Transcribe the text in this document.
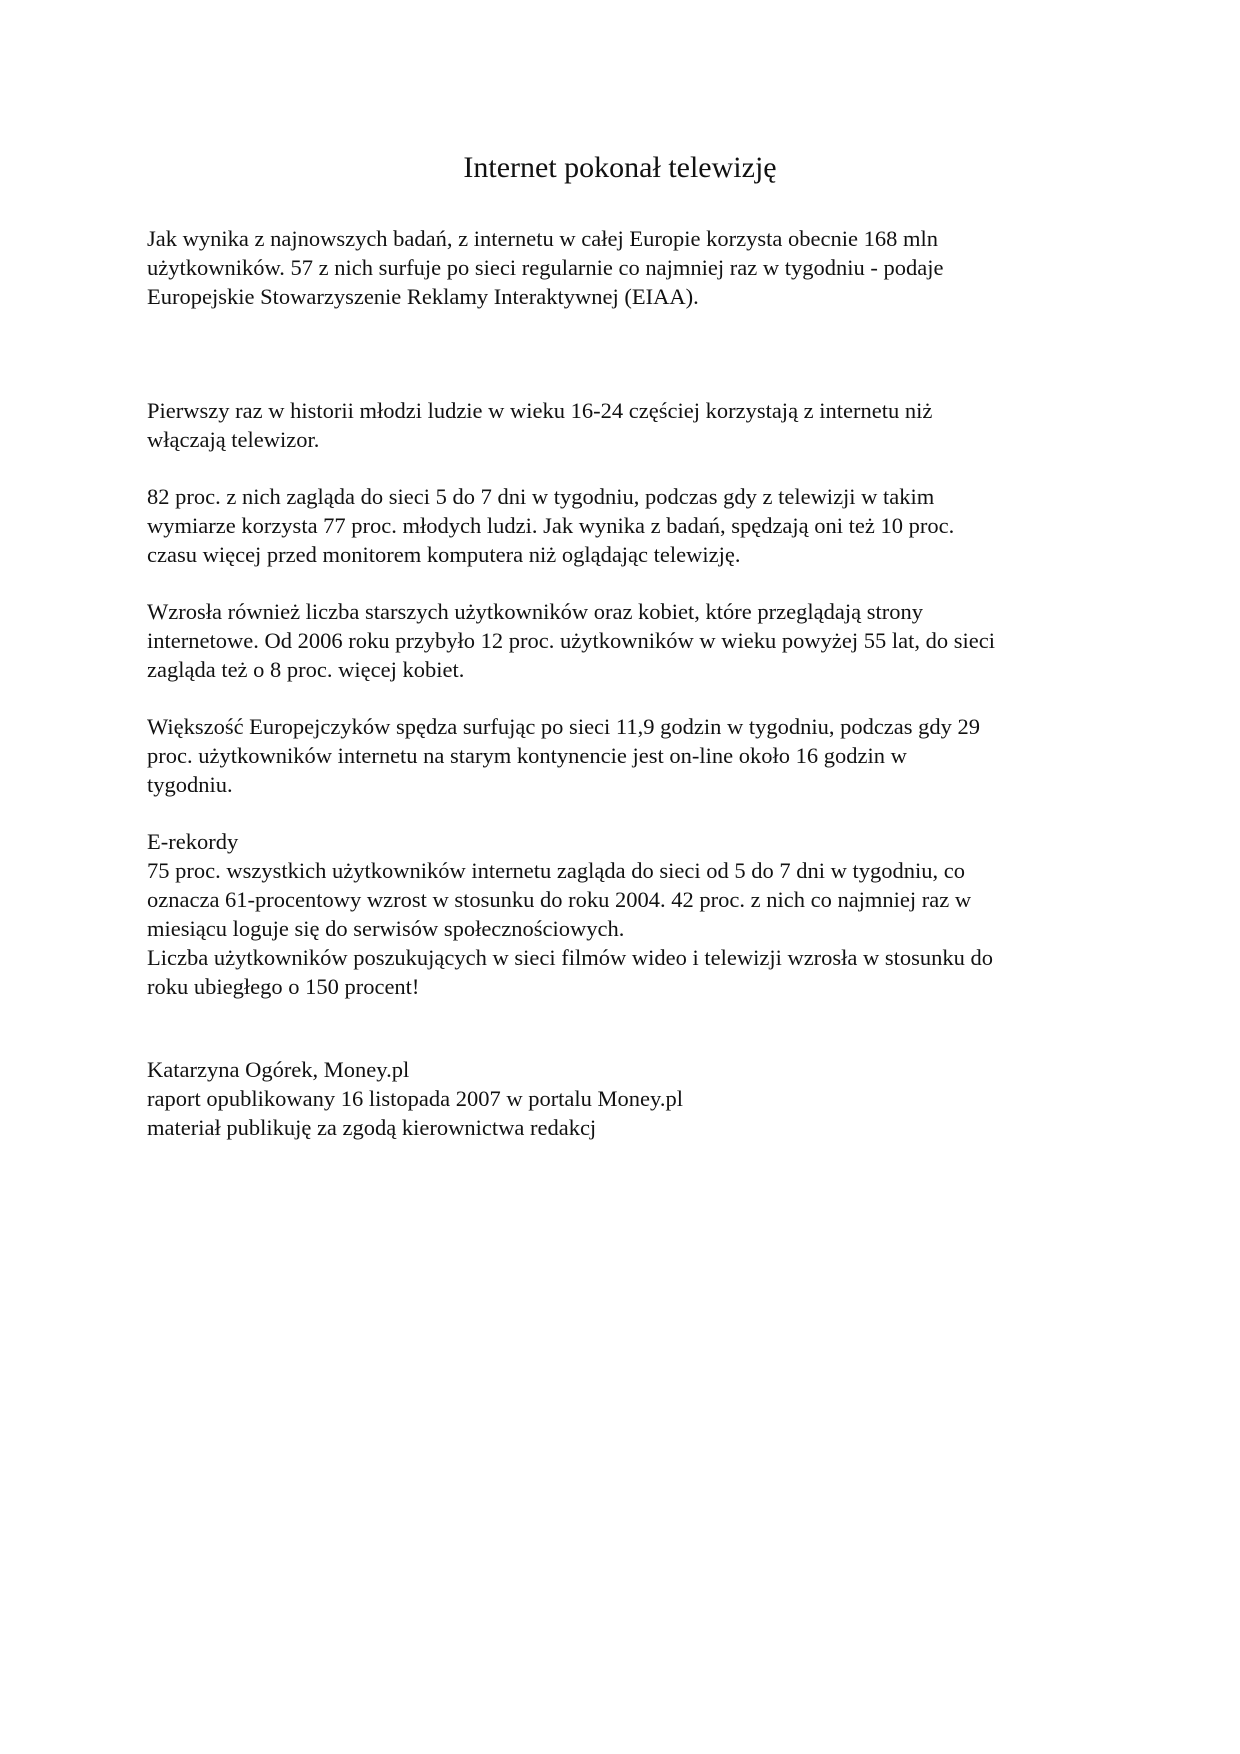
Internet pokonał telewizję
Jak wynika z najnowszych badań, z internetu w całej Europie korzysta obecnie 168 mln
użytkowników. 57 z nich surfuje po sieci regularnie co najmniej raz w tygodniu - podaje
Europejskie Stowarzyszenie Reklamy Interaktywnej (EIAA).
Pierwszy raz w historii młodzi ludzie w wieku 16-24 częściej korzystają z internetu niż
włączają telewizor.
82 proc. z nich zagląda do sieci 5 do 7 dni w tygodniu, podczas gdy z telewizji w takim
wymiarze korzysta 77 proc. młodych ludzi. Jak wynika z badań, spędzają oni też 10 proc.
czasu więcej przed monitorem komputera niż oglądając telewizję.
Wzrosła również liczba starszych użytkowników oraz kobiet, które przeglądają strony
internetowe. Od 2006 roku przybyło 12 proc. użytkowników w wieku powyżej 55 lat, do sieci
zagląda też o 8 proc. więcej kobiet.
Większość Europejczyków spędza surfując po sieci 11,9 godzin w tygodniu, podczas gdy 29
proc. użytkowników internetu na starym kontynencie jest on-line około 16 godzin w
tygodniu.
E-rekordy
75 proc. wszystkich użytkowników internetu zagląda do sieci od 5 do 7 dni w tygodniu, co
oznacza 61-procentowy wzrost w stosunku do roku 2004. 42 proc. z nich co najmniej raz w
miesiącu loguje się do serwisów społecznościowych.
Liczba użytkowników poszukujących w sieci filmów wideo i telewizji wzrosła w stosunku do
roku ubiegłego o 150 procent!
Katarzyna Ogórek, Money.pl
raport opublikowany 16 listopada 2007 w portalu Money.pl
materiał publikuję za zgodą kierownictwa redakcj
